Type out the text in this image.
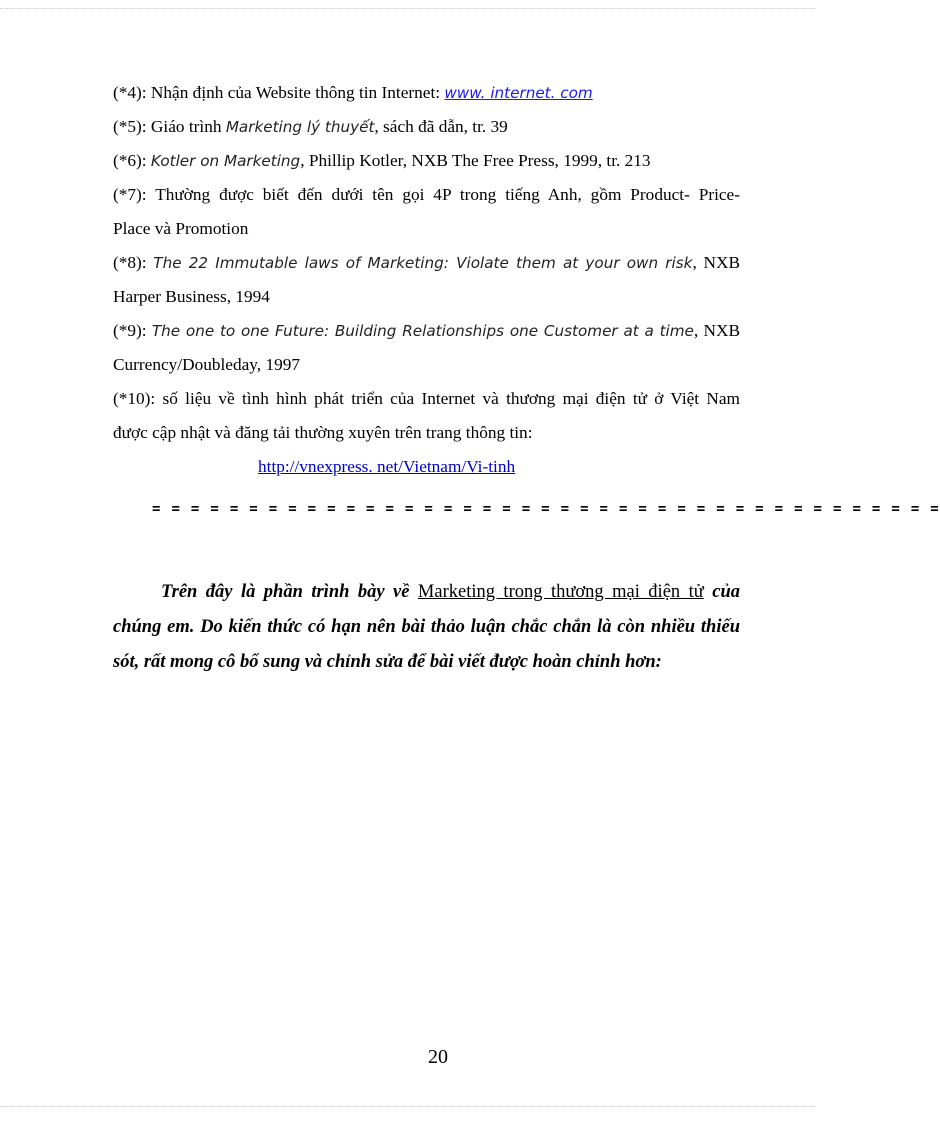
(*4): Nhận định của Website thông tin Internet: www. internet. com
(*5): Giáo trình Marketing lý thuyết, sách đã dẫn, tr. 39
(*6): Kotler on Marketing, Phillip Kotler, NXB The Free Press, 1999, tr. 213
(*7): Thường được biết đến dưới tên gọi 4P trong tiếng Anh, gồm Product- Price-
Place và Promotion
(*8): The 22 Immutable laws of Marketing: Violate them at your own risk, NXB
Harper Business, 1994
(*9): The one to one Future: Building Relationships one Customer at a time, NXB
Currency/Doubleday, 1997
(*10): số liệu về tình hình phát triển của Internet và thương mại điện tử ở Việt Nam
được cập nhật và đăng tải thường xuyên trên trang thông tin:
http://vnexpress. net/Vietnam/Vi-tinh
= = = = = = = = = = = = = = = = = = = = = = = = = = = = = = = = = = = = = = = = =
Trên đây là phần trình bày về Marketing trong thương mại điện tử của
chúng em. Do kiến thức có hạn nên bài thảo luận chắc chắn là còn nhiều thiếu
sót, rất mong cô bổ sung và chỉnh sửa để bài viết được hoàn chỉnh hơn:
20
